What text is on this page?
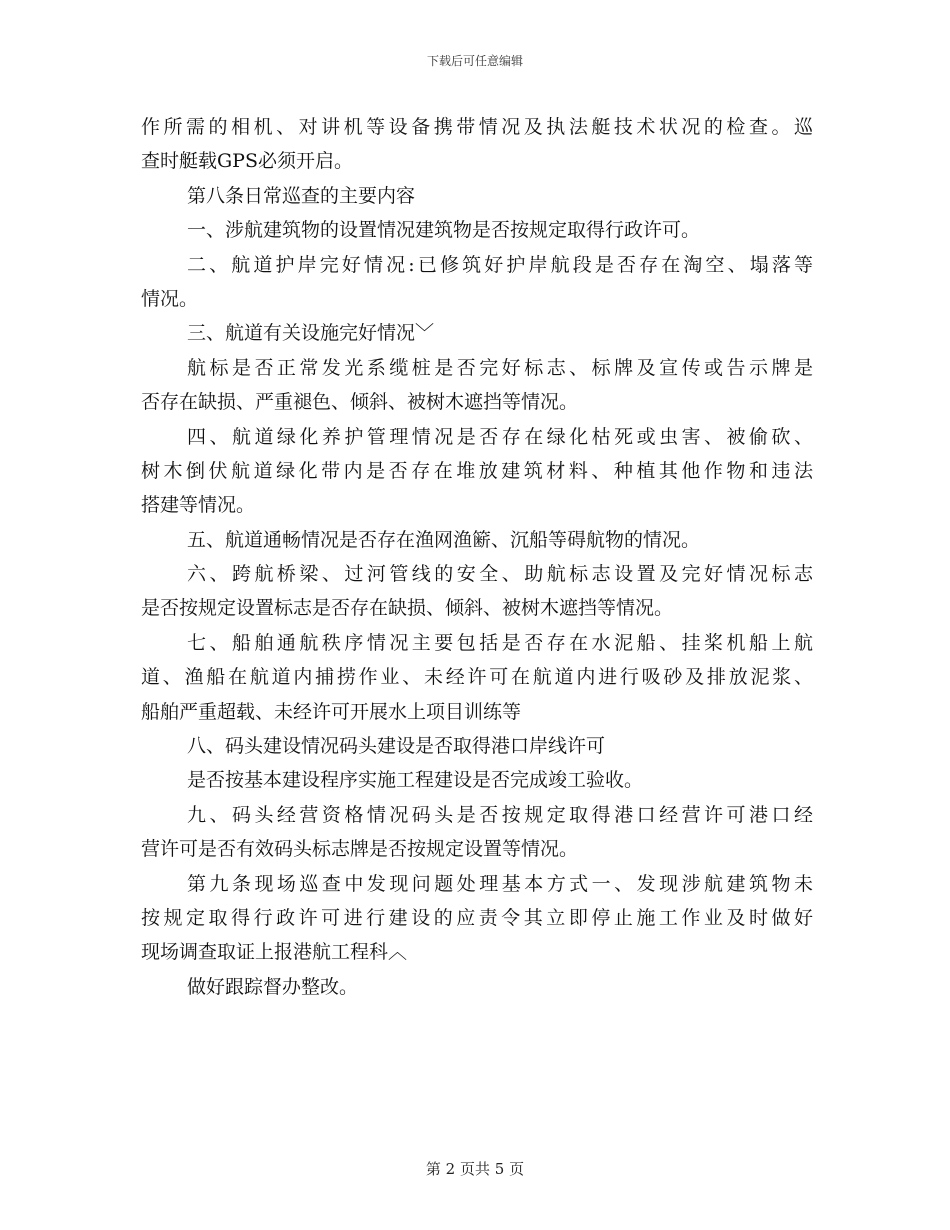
下载后可任意编辑
作所需的相机、对讲机等设备携带情况及执法艇技术状况的检查。巡
查时艇载GPS必须开启。
第八条日常巡查的主要内容
一、涉航建筑物的设置情况建筑物是否按规定取得行政许可。
二、航道护岸完好情况:已修筑好护岸航段是否存在淘空、塌落等
情况。
三、航道有关设施完好情况﹀
航标是否正常发光系缆桩是否完好标志、标牌及宣传或告示牌是
否存在缺损、严重褪色、倾斜、被树木遮挡等情况。
四、航道绿化养护管理情况是否存在绿化枯死或虫害、被偷砍、
树木倒伏航道绿化带内是否存在堆放建筑材料、种植其他作物和违法
搭建等情况。
五、航道通畅情况是否存在渔网渔簖、沉船等碍航物的情况。
六、跨航桥梁、过河管线的安全、助航标志设置及完好情况标志
是否按规定设置标志是否存在缺损、倾斜、被树木遮挡等情况。
七、船舶通航秩序情况主要包括是否存在水泥船、挂桨机船上航
道、渔船在航道内捕捞作业、未经许可在航道内进行吸砂及排放泥浆、
船舶严重超载、未经许可开展水上项目训练等
八、码头建设情况码头建设是否取得港口岸线许可
是否按基本建设程序实施工程建设是否完成竣工验收。
九、码头经营资格情况码头是否按规定取得港口经营许可港口经
营许可是否有效码头标志牌是否按规定设置等情况。
第九条现场巡查中发现问题处理基本方式一、发现涉航建筑物未
按规定取得行政许可进行建设的应责令其立即停止施工作业及时做好
现场调查取证上报港航工程科︿
做好跟踪督办整改。
第 2 页共 5 页
